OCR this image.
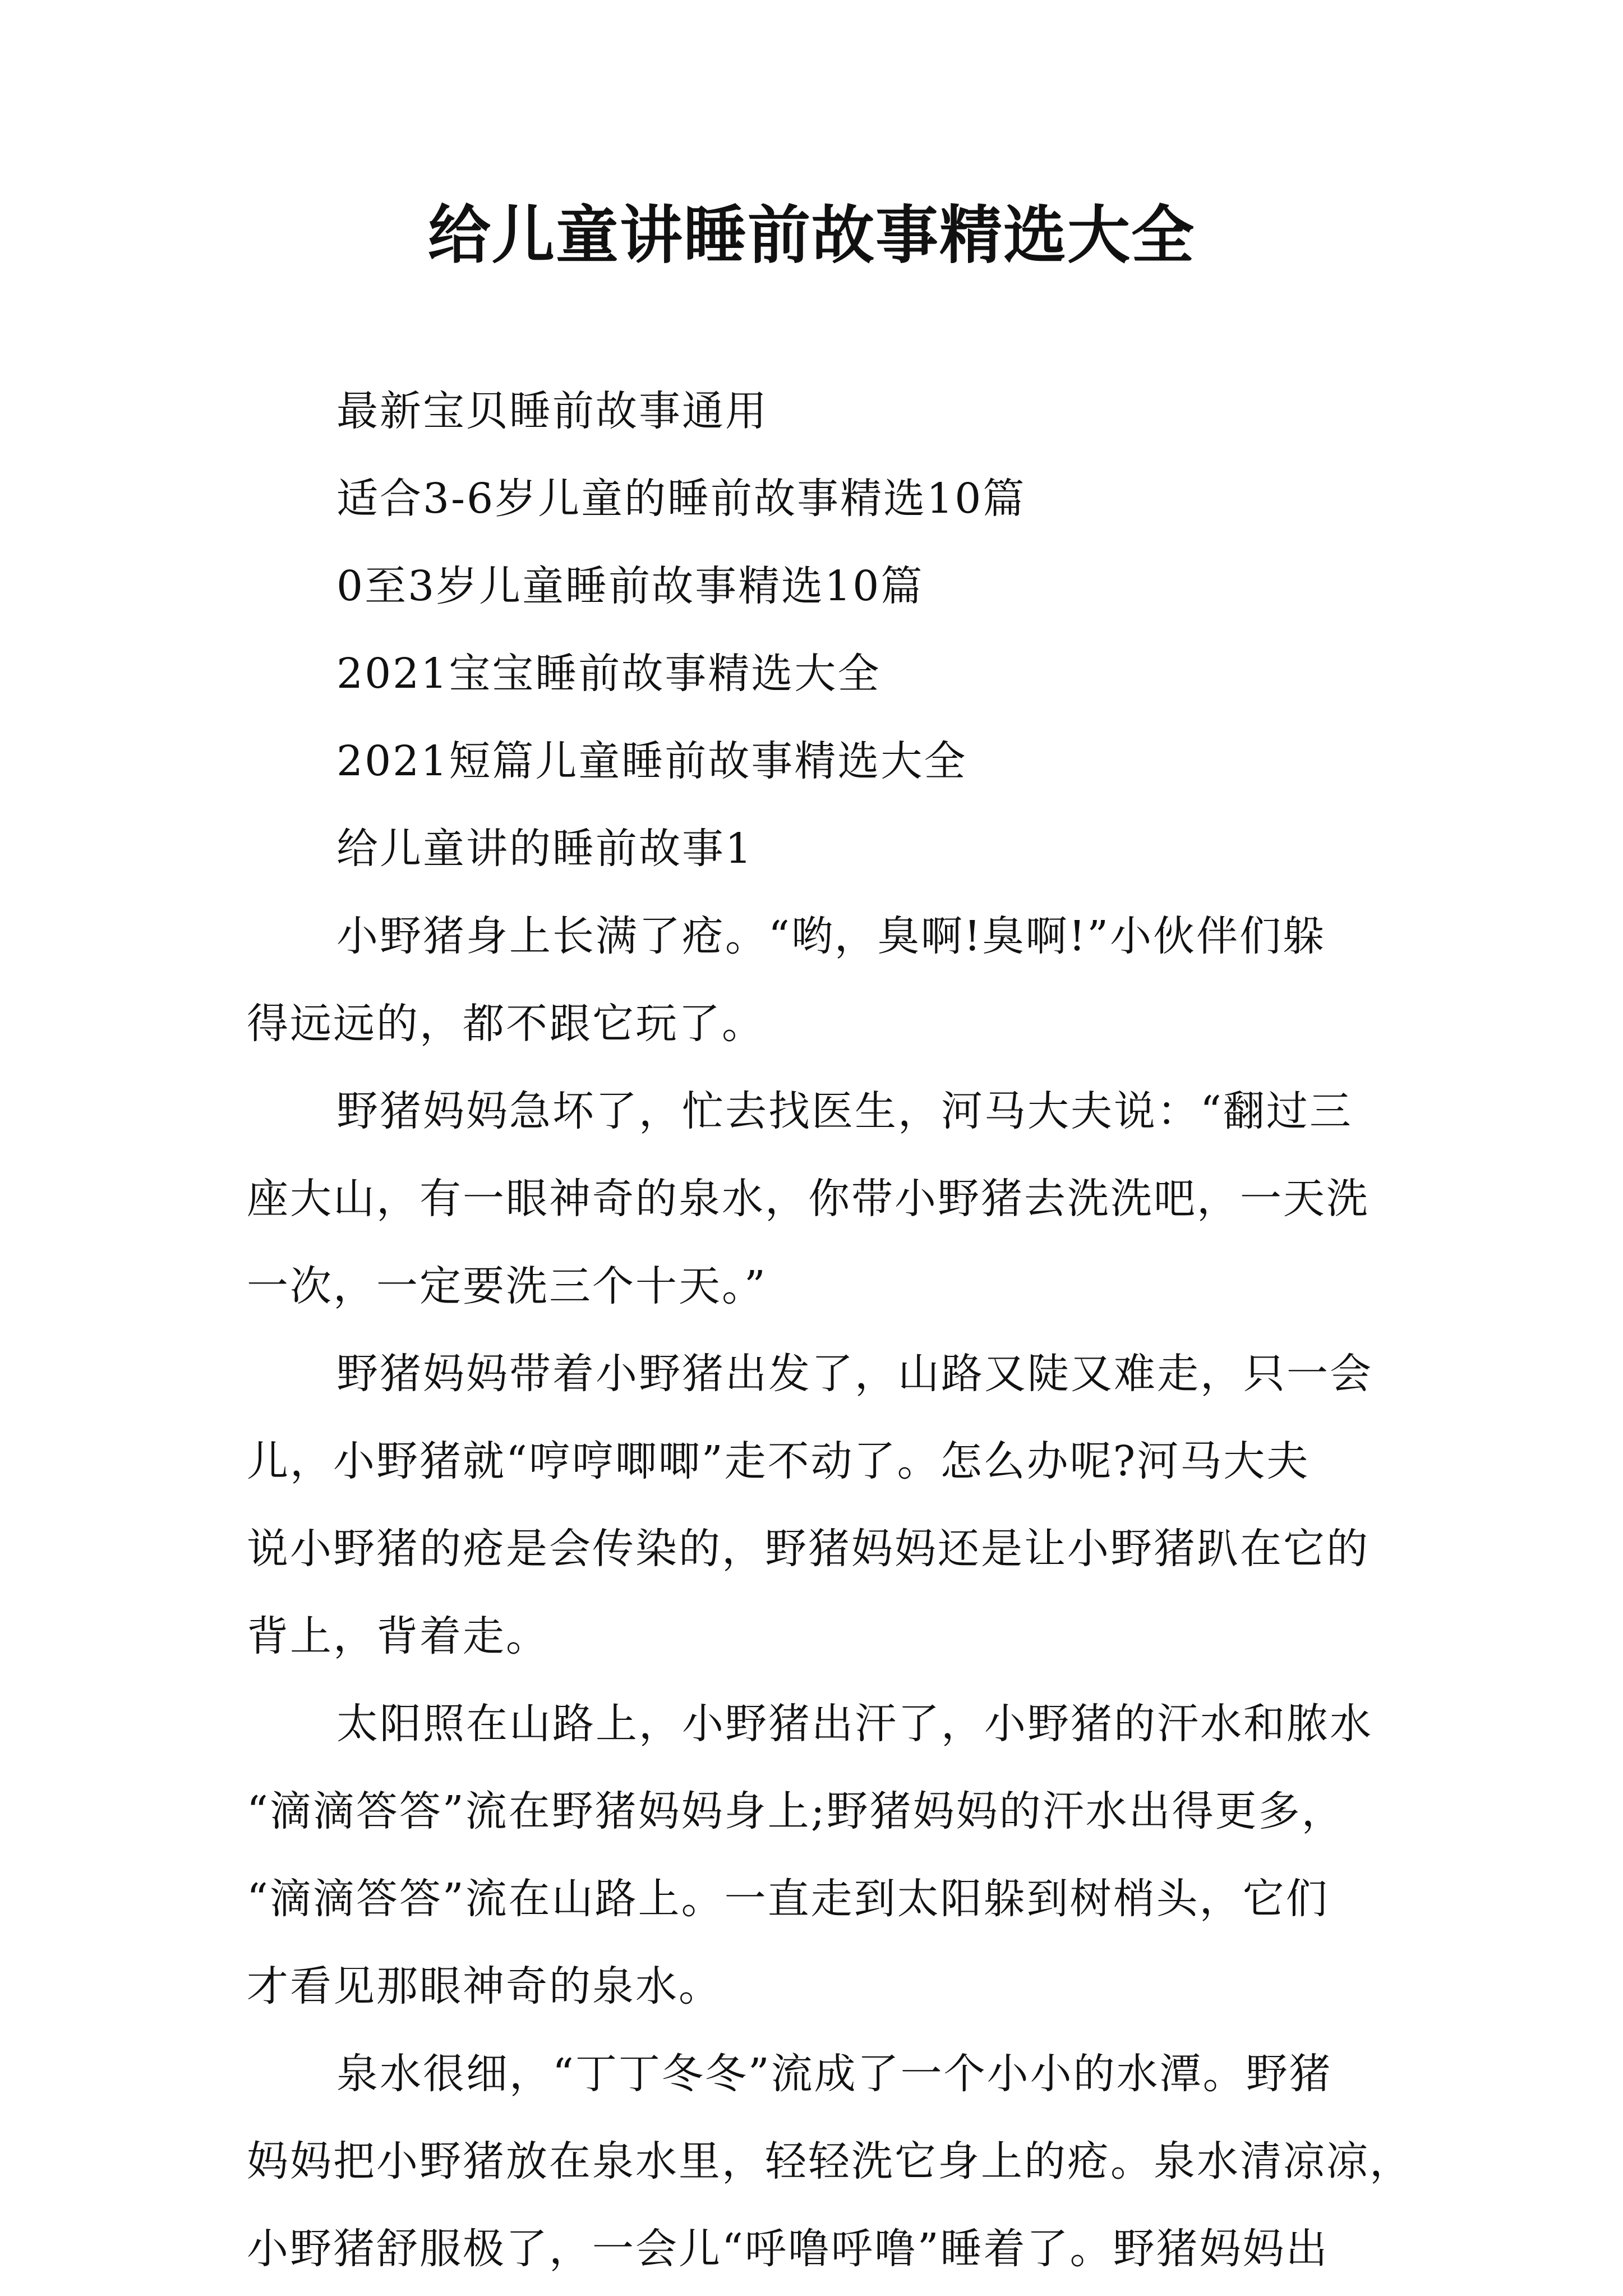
给儿童讲睡前故事精选大全
最新宝贝睡前故事通用
适合3-6岁儿童的睡前故事精选10篇
0至3岁儿童睡前故事精选10篇
2021宝宝睡前故事精选大全
2021短篇儿童睡前故事精选大全
给儿童讲的睡前故事1
小野猪身上长满了疮。“哟，臭啊!臭啊!”小伙伴们躲
得远远的，都不跟它玩了。
野猪妈妈急坏了，忙去找医生，河马大夫说：“翻过三
座大山，有一眼神奇的泉水，你带小野猪去洗洗吧，一天洗
一次，一定要洗三个十天。”
野猪妈妈带着小野猪出发了，山路又陡又难走，只一会
儿，小野猪就“哼哼唧唧”走不动了。怎么办呢?河马大夫
说小野猪的疮是会传染的，野猪妈妈还是让小野猪趴在它的
背上，背着走。
太阳照在山路上，小野猪出汗了，小野猪的汗水和脓水
“滴滴答答”流在野猪妈妈身上;野猪妈妈的汗水出得更多，
“滴滴答答”流在山路上。一直走到太阳躲到树梢头，它们
才看见那眼神奇的泉水。
泉水很细，“丁丁冬冬”流成了一个小小的水潭。野猪
妈妈把小野猪放在泉水里，轻轻洗它身上的疮。泉水清凉凉，
小野猪舒服极了，一会儿“呼噜呼噜”睡着了。野猪妈妈出
